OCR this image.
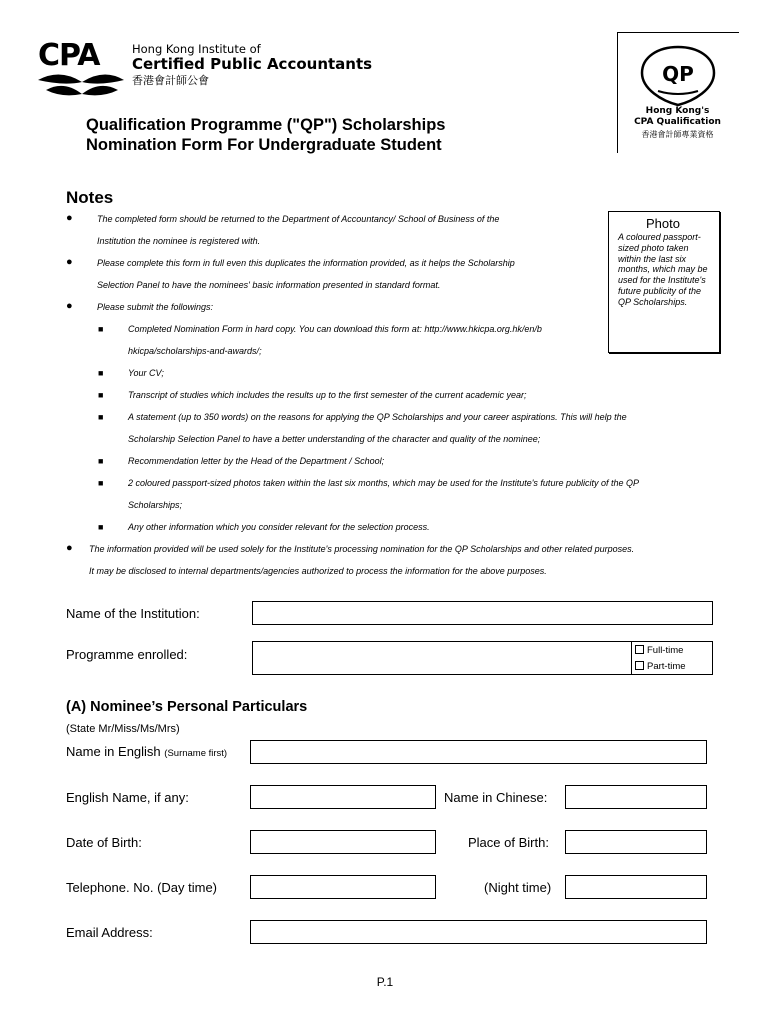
CPA	Hong Kong Institute of
Certified Public Accountants
香港會計師公會	QP
Hong Kong's
CPA Qualification
香港會計師專業資格
Qualification Programme ("QP") Scholarships
Nomination Form For Undergraduate Student
Notes
●	The completed form should be returned to the Department of Accountancy/ School of Business of the
Institution the nominee is registered with.
●	Please complete this form in full even this duplicates the information provided, as it helps the Scholarship
Selection Panel to have the nominees' basic information presented in standard format.
●	Please submit the followings:
■	Completed Nomination Form in hard copy. You can download this form at: http://www.hkicpa.org.hk/en/b
hkicpa/scholarships-and-awards/;
■	Your CV;
■	Transcript of studies which includes the results up to the first semester of the current academic year;
■	A statement (up to 350 words) on the reasons for applying the QP Scholarships and your career aspirations. This will help the
Scholarship Selection Panel to have a better understanding of the character and quality of the nominee;
■	Recommendation letter by the Head of the Department / School;
■	2 coloured passport-sized photos taken within the last six months, which may be used for the Institute's future publicity of the QP
Scholarships;
■	Any other information which you consider relevant for the selection process.
● The information provided will be used solely for the Institute's processing nomination for the QP Scholarships and other related purposes.
It may be disclosed to internal departments/agencies authorized to process the information for the above purposes.
Photo
A coloured passport-sized photo taken within the last six months, which may be used for the Institute's future publicity of the QP Scholarships.
Name of the Institution:
Programme enrolled:	Full-time
Part-time
(A) Nominee’s Personal Particulars
(State Mr/Miss/Ms/Mrs)
Name in English (Surname first)
English Name, if any:	Name in Chinese:
Date of Birth:	Place of Birth:
Telephone. No. (Day time)	(Night time)
Email Address:
P.1
